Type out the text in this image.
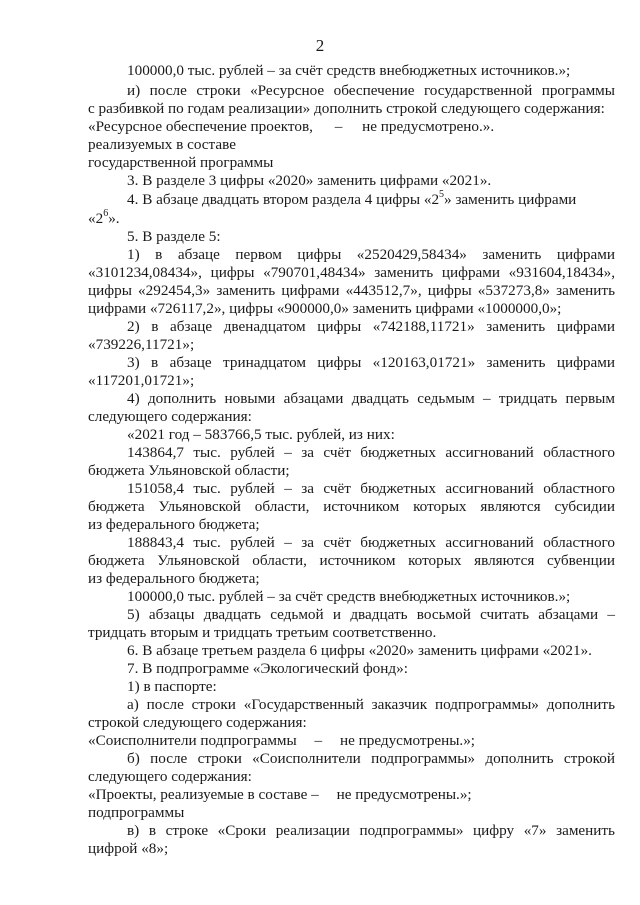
2
100000,0 тыс. рублей – за счёт средств внебюджетных источников.»;
и) после строки «Ресурсное обеспечение государственной программы
с разбивкой по годам реализации» дополнить строкой следующего содержания:
«Ресурсное обеспечение проектов, – не предусмотрено.».
реализуемых в составе
государственной программы
3. В разделе 3 цифры «2020» заменить цифрами «2021».
4. В абзаце двадцать втором раздела 4 цифры «$2^5$» заменить цифрами
«$2^6$».
5. В разделе 5:
1) в абзаце первом цифры «2520429,58434» заменить цифрами
«3101234,08434», цифры «790701,48434» заменить цифрами «931604,18434»,
цифры «292454,3» заменить цифрами «443512,7», цифры «537273,8» заменить
цифрами «726117,2», цифры «900000,0» заменить цифрами «1000000,0»;
2) в абзаце двенадцатом цифры «742188,11721» заменить цифрами
«739226,11721»;
3) в абзаце тринадцатом цифры «120163,01721» заменить цифрами
«117201,01721»;
4) дополнить новыми абзацами двадцать седьмым – тридцать первым
следующего содержания:
«2021 год – 583766,5 тыс. рублей, из них:
143864,7 тыс. рублей – за счёт бюджетных ассигнований областного
бюджета Ульяновской области;
151058,4 тыс. рублей – за счёт бюджетных ассигнований областного
бюджета Ульяновской области, источником которых являются субсидии
из федерального бюджета;
188843,4 тыс. рублей – за счёт бюджетных ассигнований областного
бюджета Ульяновской области, источником которых являются субвенции
из федерального бюджета;
100000,0 тыс. рублей – за счёт средств внебюджетных источников.»;
5) абзацы двадцать седьмой и двадцать восьмой считать абзацами –
тридцать вторым и тридцать третьим соответственно.
6. В абзаце третьем раздела 6 цифры «2020» заменить цифрами «2021».
7. В подпрограмме «Экологический фонд»:
1) в паспорте:
а) после строки «Государственный заказчик подпрограммы» дополнить
строкой следующего содержания:
«Соисполнители подпрограммы – не предусмотрены.»;
б) после строки «Соисполнители подпрограммы» дополнить строкой
следующего содержания:
«Проекты, реализуемые в составе – не предусмотрены.»;
подпрограммы
в) в строке «Сроки реализации подпрограммы» цифру «7» заменить
цифрой «8»;
